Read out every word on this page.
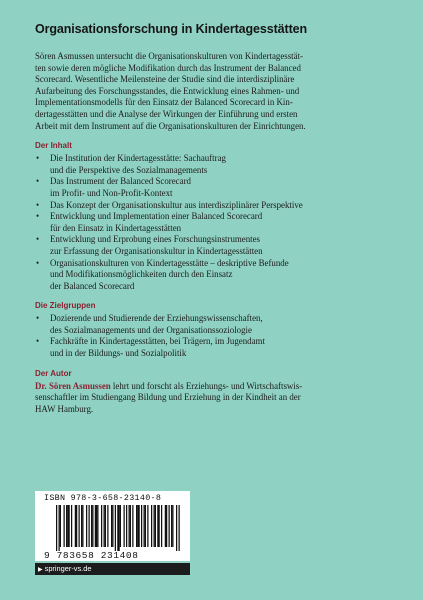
Organisationsforschung in Kindertagesstätten

Sören Asmussen untersucht die Organisationskulturen von Kindertagesstät-
ten sowie deren mögliche Modifikation durch das Instrument der Balanced
Scorecard. Wesentliche Meilensteine der Studie sind die interdisziplinäre
Aufarbeitung des Forschungsstandes, die Entwicklung eines Rahmen- und
Implementationsmodells für den Einsatz der Balanced Scorecard in Kin-
dertagesstätten und die Analyse der Wirkungen der Einführung und ersten
Arbeit mit dem Instrument auf die Organisationskulturen der Einrichtungen.

Der Inhalt
• Die Institution der Kindertagesstätte: Sachauftrag
und die Perspektive des Sozialmanagements
• Das Instrument der Balanced Scorecard
im Profit- und Non-Profit-Kontext
• Das Konzept der Organisationskultur aus interdisziplinärer Perspektive
• Entwicklung und Implementation einer Balanced Scorecard
für den Einsatz in Kindertagesstätten
• Entwicklung und Erprobung eines Forschungsinstrumentes
zur Erfassung der Organisationskultur in Kindertagesstätten
• Organisationskulturen von Kindertagesstätte – deskriptive Befunde
und Modifikationsmöglichkeiten durch den Einsatz
der Balanced Scorecard
Die Zielgruppen
• Dozierende und Studierende der Erziehungswissenschaften,
des Sozialmanagements und der Organisationssoziologie
• Fachkräfte in Kindertagesstätten, bei Trägern, im Jugendamt
und in der Bildungs- und Sozialpolitik
Der Autor

Dr. Sören Asmussen lehrt und forscht als Erziehungs- und Wirtschaftswis-
senschaftler im Studiengang Bildung und Erziehung in der Kindheit an der
HAW Hamburg.

ISBN 978-3-658-23140-8
9 783658 231408
▶ springer-vs.de
